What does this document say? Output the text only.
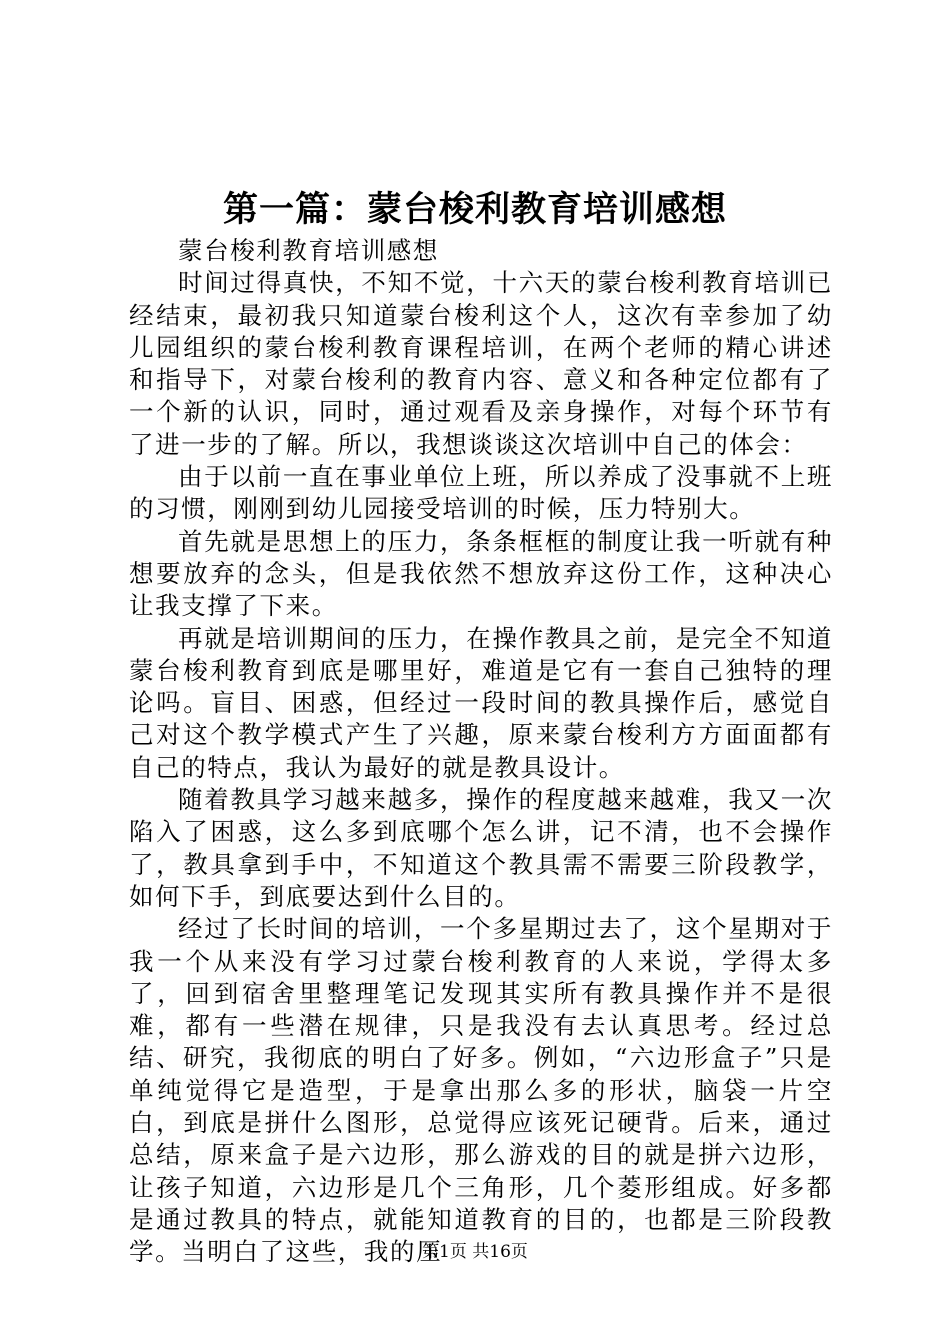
第一篇：蒙台梭利教育培训感想

蒙台梭利教育培训感想

时间过得真快，不知不觉，十六天的蒙台梭利教育培训已经结束，最初我只知道蒙台梭利这个人，这次有幸参加了幼儿园组织的蒙台梭利教育课程培训，在两个老师的精心讲述和指导下，对蒙台梭利的教育内容、意义和各种定位都有了一个新的认识，同时，通过观看及亲身操作，对每个环节有了进一步的了解。所以，我想谈谈这次培训中自己的体会：

由于以前一直在事业单位上班，所以养成了没事就不上班的习惯，刚刚到幼儿园接受培训的时候，压力特别大。

首先就是思想上的压力，条条框框的制度让我一听就有种想要放弃的念头，但是我依然不想放弃这份工作，这种决心让我支撑了下来。

再就是培训期间的压力，在操作教具之前，是完全不知道蒙台梭利教育到底是哪里好，难道是它有一套自己独特的理论吗。盲目、困惑，但经过一段时间的教具操作后，感觉自己对这个教学模式产生了兴趣，原来蒙台梭利方方面面都有自己的特点，我认为最好的就是教具设计。

随着教具学习越来越多，操作的程度越来越难，我又一次陷入了困惑，这么多到底哪个怎么讲，记不清，也不会操作了，教具拿到手中，不知道这个教具需不需要三阶段教学，如何下手，到底要达到什么目的。

经过了长时间的培训，一个多星期过去了，这个星期对于我一个从来没有学习过蒙台梭利教育的人来说，学得太多了，回到宿舍里整理笔记发现其实所有教具操作并不是很难，都有一些潜在规律，只是我没有去认真思考。经过总结、研究，我彻底的明白了好多。例如，“六边形盒子”只是单纯觉得它是造型，于是拿出那么多的形状，脑袋一片空白，到底是拼什么图形，总觉得应该死记硬背。后来，通过总结，原来盒子是六边形，那么游戏的目的就是拼六边形，让孩子知道，六边形是几个三角形，几个菱形组成。好多都是通过教具的特点，就能知道教育的目的，也都是三阶段教学。当明白了这些，我的压

第1页 共16页
